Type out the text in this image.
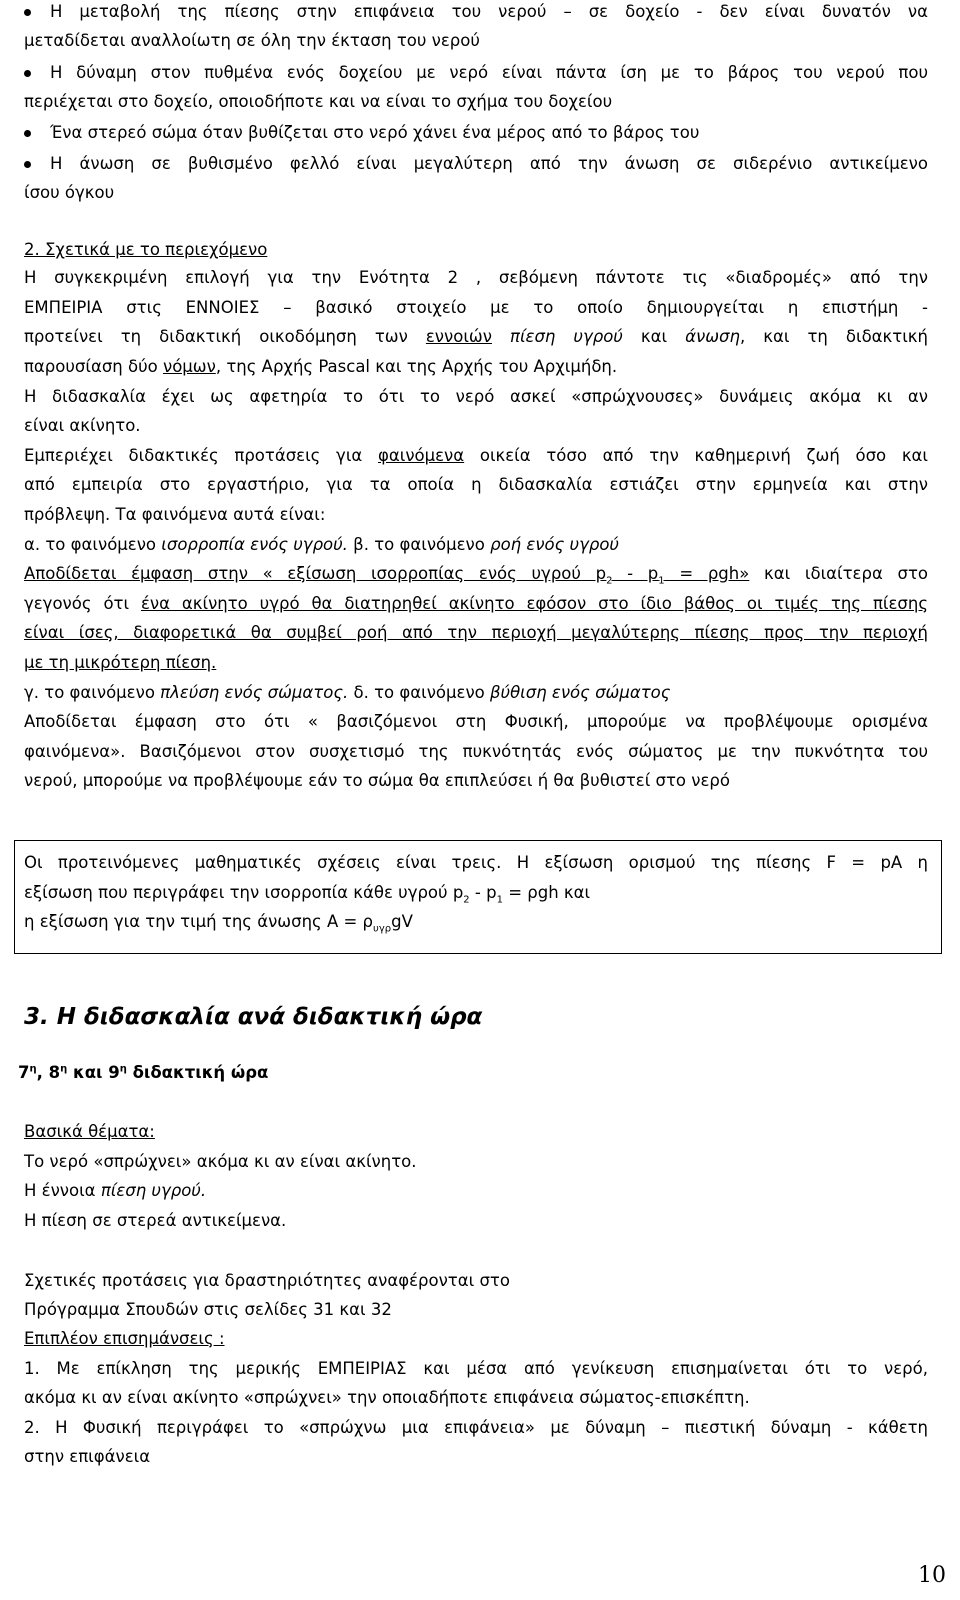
Η μεταβολή της πίεσης στην επιφάνεια του νερού – σε δοχείο - δεν είναι δυνατόν να
μεταδίδεται αναλλοίωτη σε όλη την έκταση του νερού
Η δύναμη στον πυθμένα ενός δοχείου με νερό είναι πάντα ίση με το βάρος του νερού που
περιέχεται στο δοχείο, οποιοδήποτε και να είναι το σχήμα του δοχείου
Ένα στερεό σώμα όταν βυθίζεται στο νερό χάνει ένα μέρος από το βάρος του
Η άνωση σε βυθισμένο φελλό είναι μεγαλύτερη από την άνωση σε σιδερένιο αντικείμενο
ίσου όγκου
2. Σχετικά με το περιεχόμενο
Η συγκεκριμένη επιλογή για την Ενότητα 2 , σεβόμενη πάντοτε τις «διαδρομές» από την
ΕΜΠΕΙΡΙΑ στις ΕΝΝΟΙΕΣ – βασικό στοιχείο με το οποίο δημιουργείται η επιστήμη -
προτείνει τη διδακτική οικοδόμηση των εννοιών πίεση υγρού και άνωση, και τη διδακτική
παρουσίαση δύο νόμων, της Αρχής Pascal και της Αρχής του Αρχιμήδη.
Η διδασκαλία έχει ως αφετηρία το ότι το νερό ασκεί «σπρώχνουσες» δυνάμεις ακόμα κι αν
είναι ακίνητο.
Εμπεριέχει διδακτικές προτάσεις για φαινόμενα οικεία τόσο από την καθημερινή ζωή όσο και
από εμπειρία στο εργαστήριο, για τα οποία η διδασκαλία εστιάζει στην ερμηνεία και στην
πρόβλεψη. Τα φαινόμενα αυτά είναι:
α. το φαινόμενο ισορροπία ενός υγρού. β. το φαινόμενο ροή ενός υγρού
Αποδίδεται έμφαση στην « εξίσωση ισορροπίας ενός υγρού $p_2 - p_1 = \rho gh$» και ιδιαίτερα στο
γεγονός ότι ένα ακίνητο υγρό θα διατηρηθεί ακίνητο εφόσον στο ίδιο βάθος οι τιμές της πίεσης
είναι ίσες, διαφορετικά θα συμβεί ροή από την περιοχή μεγαλύτερης πίεσης προς την περιοχή
με τη μικρότερη πίεση.
γ. το φαινόμενο πλεύση ενός σώματος. δ. το φαινόμενο βύθιση ενός σώματος
Αποδίδεται έμφαση στο ότι « βασιζόμενοι στη Φυσική, μπορούμε να προβλέψουμε ορισμένα
φαινόμενα». Βασιζόμενοι στον συσχετισμό της πυκνότητάς ενός σώματος με την πυκνότητα του
νερού, μπορούμε να προβλέψουμε εάν το σώμα θα επιπλεύσει ή θα βυθιστεί στο νερό
Οι προτεινόμενες μαθηματικές σχέσεις είναι τρεις. Η εξίσωση ορισμού της πίεσης F = pA η
εξίσωση που περιγράφει την ισορροπία κάθε υγρού $p_2 - p_1 = \rho gh$ και
η εξίσωση για την τιμή της άνωσης $A = \rho_{\upsilon\gamma\rho}gV$
3. Η διδασκαλία ανά διδακτική ώρα
$7^\eta$, $8^\eta$ και $9^\eta$ διδακτική ώρα
Βασικά θέματα:
Το νερό «σπρώχνει» ακόμα κι αν είναι ακίνητο.
Η έννοια πίεση υγρού.
Η πίεση σε στερεά αντικείμενα.
Σχετικές προτάσεις για δραστηριότητες αναφέρονται στο
Πρόγραμμα Σπουδών στις σελίδες 31 και 32
Επιπλέον επισημάνσεις :
1. Με επίκληση της μερικής ΕΜΠΕΙΡΙΑΣ και μέσα από γενίκευση επισημαίνεται ότι το νερό,
ακόμα κι αν είναι ακίνητο «σπρώχνει» την οποιαδήποτε επιφάνεια σώματος-επισκέπτη.
2. Η Φυσική περιγράφει το «σπρώχνω μια επιφάνεια» με δύναμη – πιεστική δύναμη - κάθετη
στην επιφάνεια
10
